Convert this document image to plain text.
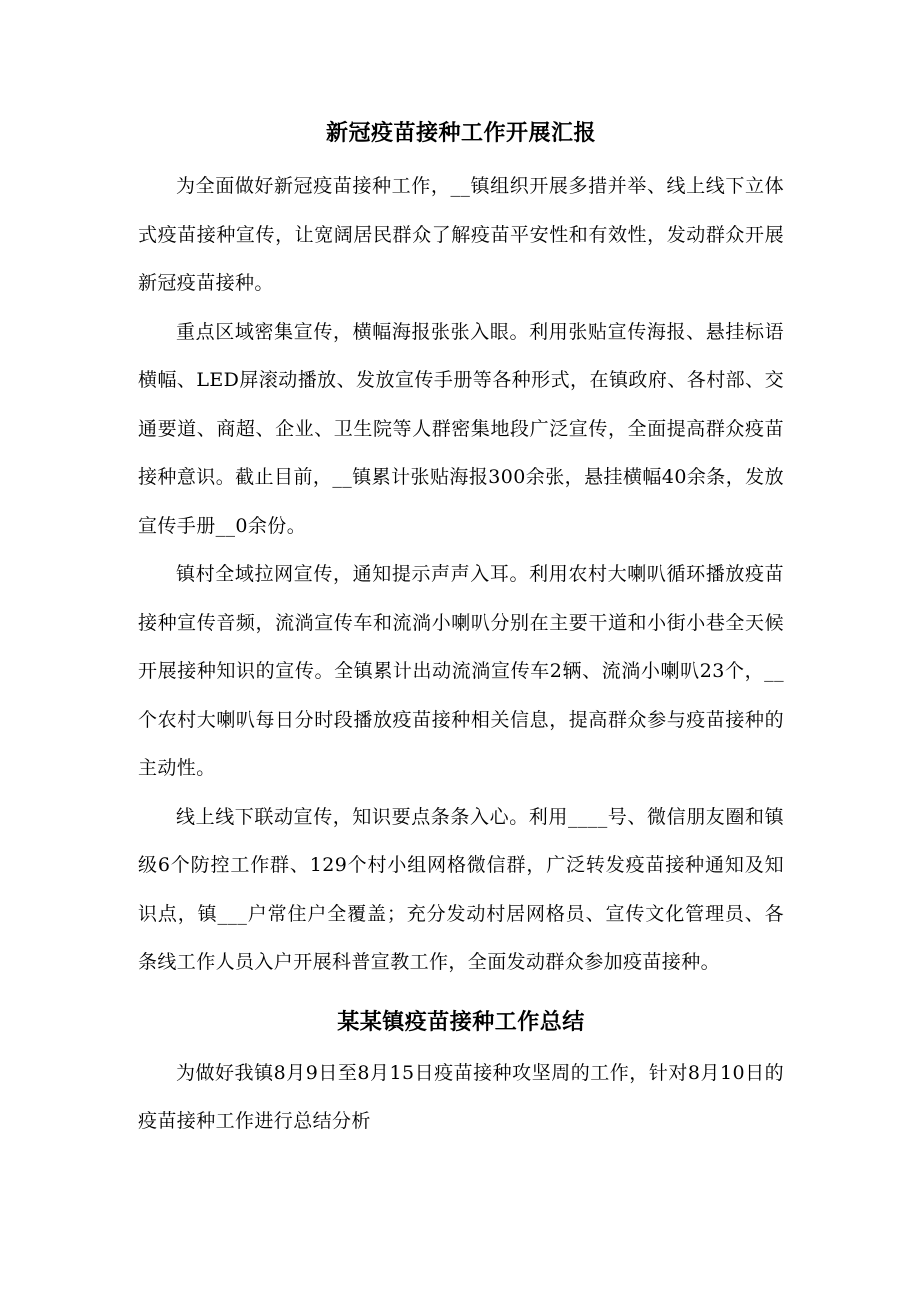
新冠疫苗接种工作开展汇报

为全面做好新冠疫苗接种工作，__镇组织开展多措并举、线上线下立体式疫苗接种宣传，让宽阔居民群众了解疫苗平安性和有效性，发动群众开展新冠疫苗接种。

重点区域密集宣传，横幅海报张张入眼。利用张贴宣传海报、悬挂标语横幅、LED屏滚动播放、发放宣传手册等各种形式，在镇政府、各村部、交通要道、商超、企业、卫生院等人群密集地段广泛宣传，全面提高群众疫苗接种意识。截止目前，__镇累计张贴海报300余张，悬挂横幅40余条，发放宣传手册__0余份。

镇村全域拉网宣传，通知提示声声入耳。利用农村大喇叭循环播放疫苗接种宣传音频，流淌宣传车和流淌小喇叭分别在主要干道和小街小巷全天候开展接种知识的宣传。全镇累计出动流淌宣传车2辆、流淌小喇叭23个，__个农村大喇叭每日分时段播放疫苗接种相关信息，提高群众参与疫苗接种的主动性。

线上线下联动宣传，知识要点条条入心。利用____号、微信朋友圈和镇级6个防控工作群、129个村小组网格微信群，广泛转发疫苗接种通知及知识点，镇___户常住户全覆盖；充分发动村居网格员、宣传文化管理员、各条线工作人员入户开展科普宣教工作，全面发动群众参加疫苗接种。

某某镇疫苗接种工作总结

为做好我镇8月9日至8月15日疫苗接种攻坚周的工作，针对8月10日的疫苗接种工作进行总结分析
